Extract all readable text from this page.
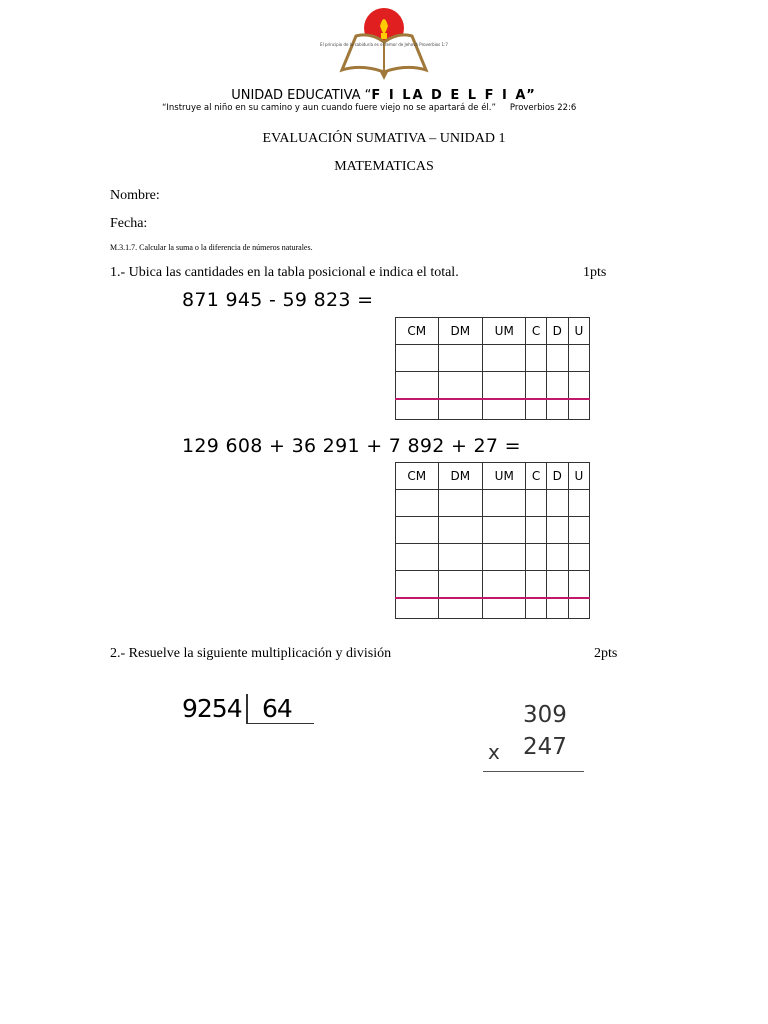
El principio de la sabiduría es el temor de Jehová Proverbios 1:7
UNIDAD EDUCATIVA “F I LA D E L F I A”
“Instruye al niño en su camino y aun cuando fuere viejo no se apartará de él.” Proverbios 22:6
EVALUACIÓN SUMATIVA – UNIDAD 1
MATEMATICAS
Nombre:
Fecha:
M.3.1.7. Calcular la suma o la diferencia de números naturales.
1.- Ubica las cantidades en la tabla posicional e indica el total.	1pts
871 945 - 59 823 =
CM	DM	UM	C	D	U

129 608 + 36 291 + 7 892 + 27 =
CM	DM	UM	C	D	U

2.- Resuelve la siguiente multiplicación y división	2pts
9254 64	309
x 247
